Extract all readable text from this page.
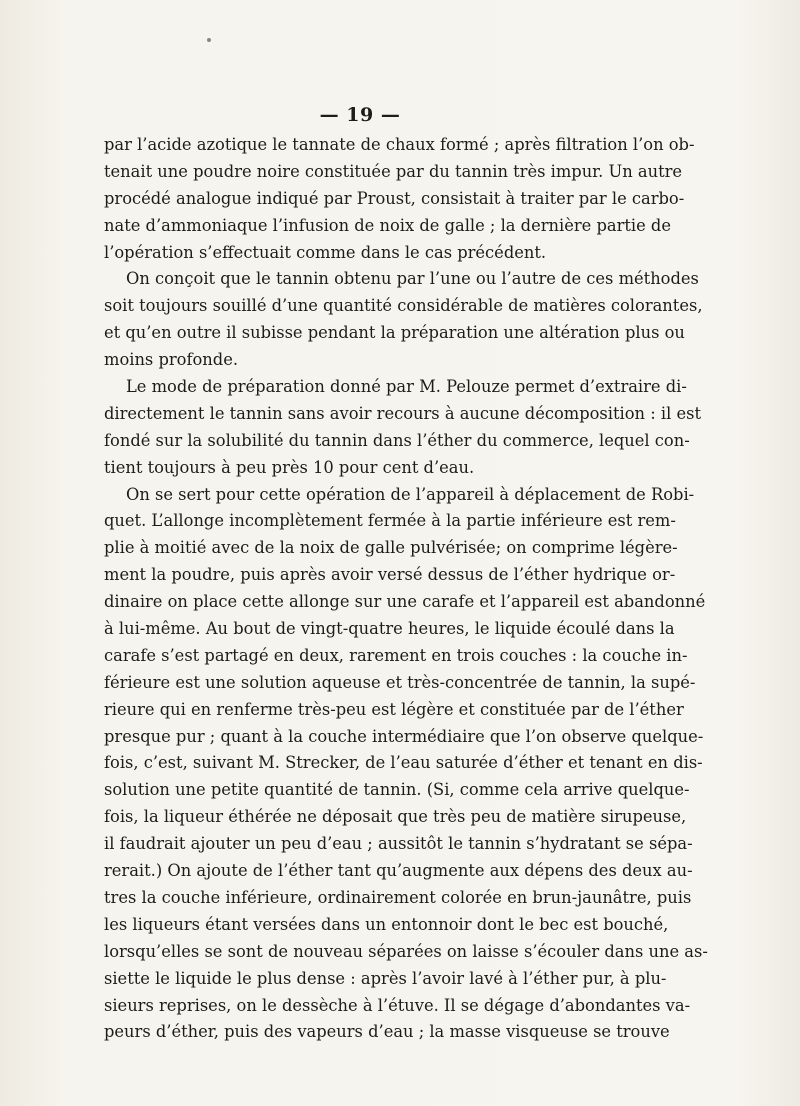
— 19 —
par l’acide azotique le tannate de chaux formé ; après filtration l’on ob-
tenait une poudre noire constituée par du tannin très impur. Un autre
procédé analogue indiqué par Proust, consistait à traiter par le carbo-
nate d’ammoniaque l’infusion de noix de galle ; la dernière partie de
l’opération s’effectuait comme dans le cas précédent.
On conçoit que le tannin obtenu par l’une ou l’autre de ces méthodes
soit toujours souillé d’une quantité considérable de matières colorantes,
et qu’en outre il subisse pendant la préparation une altération plus ou
moins profonde.
Le mode de préparation donné par M. Pelouze permet d’extraire di-
directement le tannin sans avoir recours à aucune décomposition : il est
fondé sur la solubilité du tannin dans l’éther du commerce, lequel con-
tient toujours à peu près 10 pour cent d’eau.
On se sert pour cette opération de l’appareil à déplacement de Robi-
quet. L’allonge incomplètement fermée à la partie inférieure est rem-
plie à moitié avec de la noix de galle pulvérisée; on comprime légère-
ment la poudre, puis après avoir versé dessus de l’éther hydrique or-
dinaire on place cette allonge sur une carafe et l’appareil est abandonné
à lui-même. Au bout de vingt-quatre heures, le liquide écoulé dans la
carafe s’est partagé en deux, rarement en trois couches : la couche in-
férieure est une solution aqueuse et très-concentrée de tannin, la supé-
rieure qui en renferme très-peu est légère et constituée par de l’éther
presque pur ; quant à la couche intermédiaire que l’on observe quelque-
fois, c’est, suivant M. Strecker, de l’eau saturée d’éther et tenant en dis-
solution une petite quantité de tannin. (Si, comme cela arrive quelque-
fois, la liqueur éthérée ne déposait que très peu de matière sirupeuse,
il faudrait ajouter un peu d’eau ; aussitôt le tannin s’hydratant se sépa-
rerait.) On ajoute de l’éther tant qu’augmente aux dépens des deux au-
tres la couche inférieure, ordinairement colorée en brun-jaunâtre, puis
les liqueurs étant versées dans un entonnoir dont le bec est bouché,
lorsqu’elles se sont de nouveau séparées on laisse s’écouler dans une as-
siette le liquide le plus dense : après l’avoir lavé à l’éther pur, à plu-
sieurs reprises, on le dessèche à l’étuve. Il se dégage d’abondantes va-
peurs d’éther, puis des vapeurs d’eau ; la masse visqueuse se trouve
